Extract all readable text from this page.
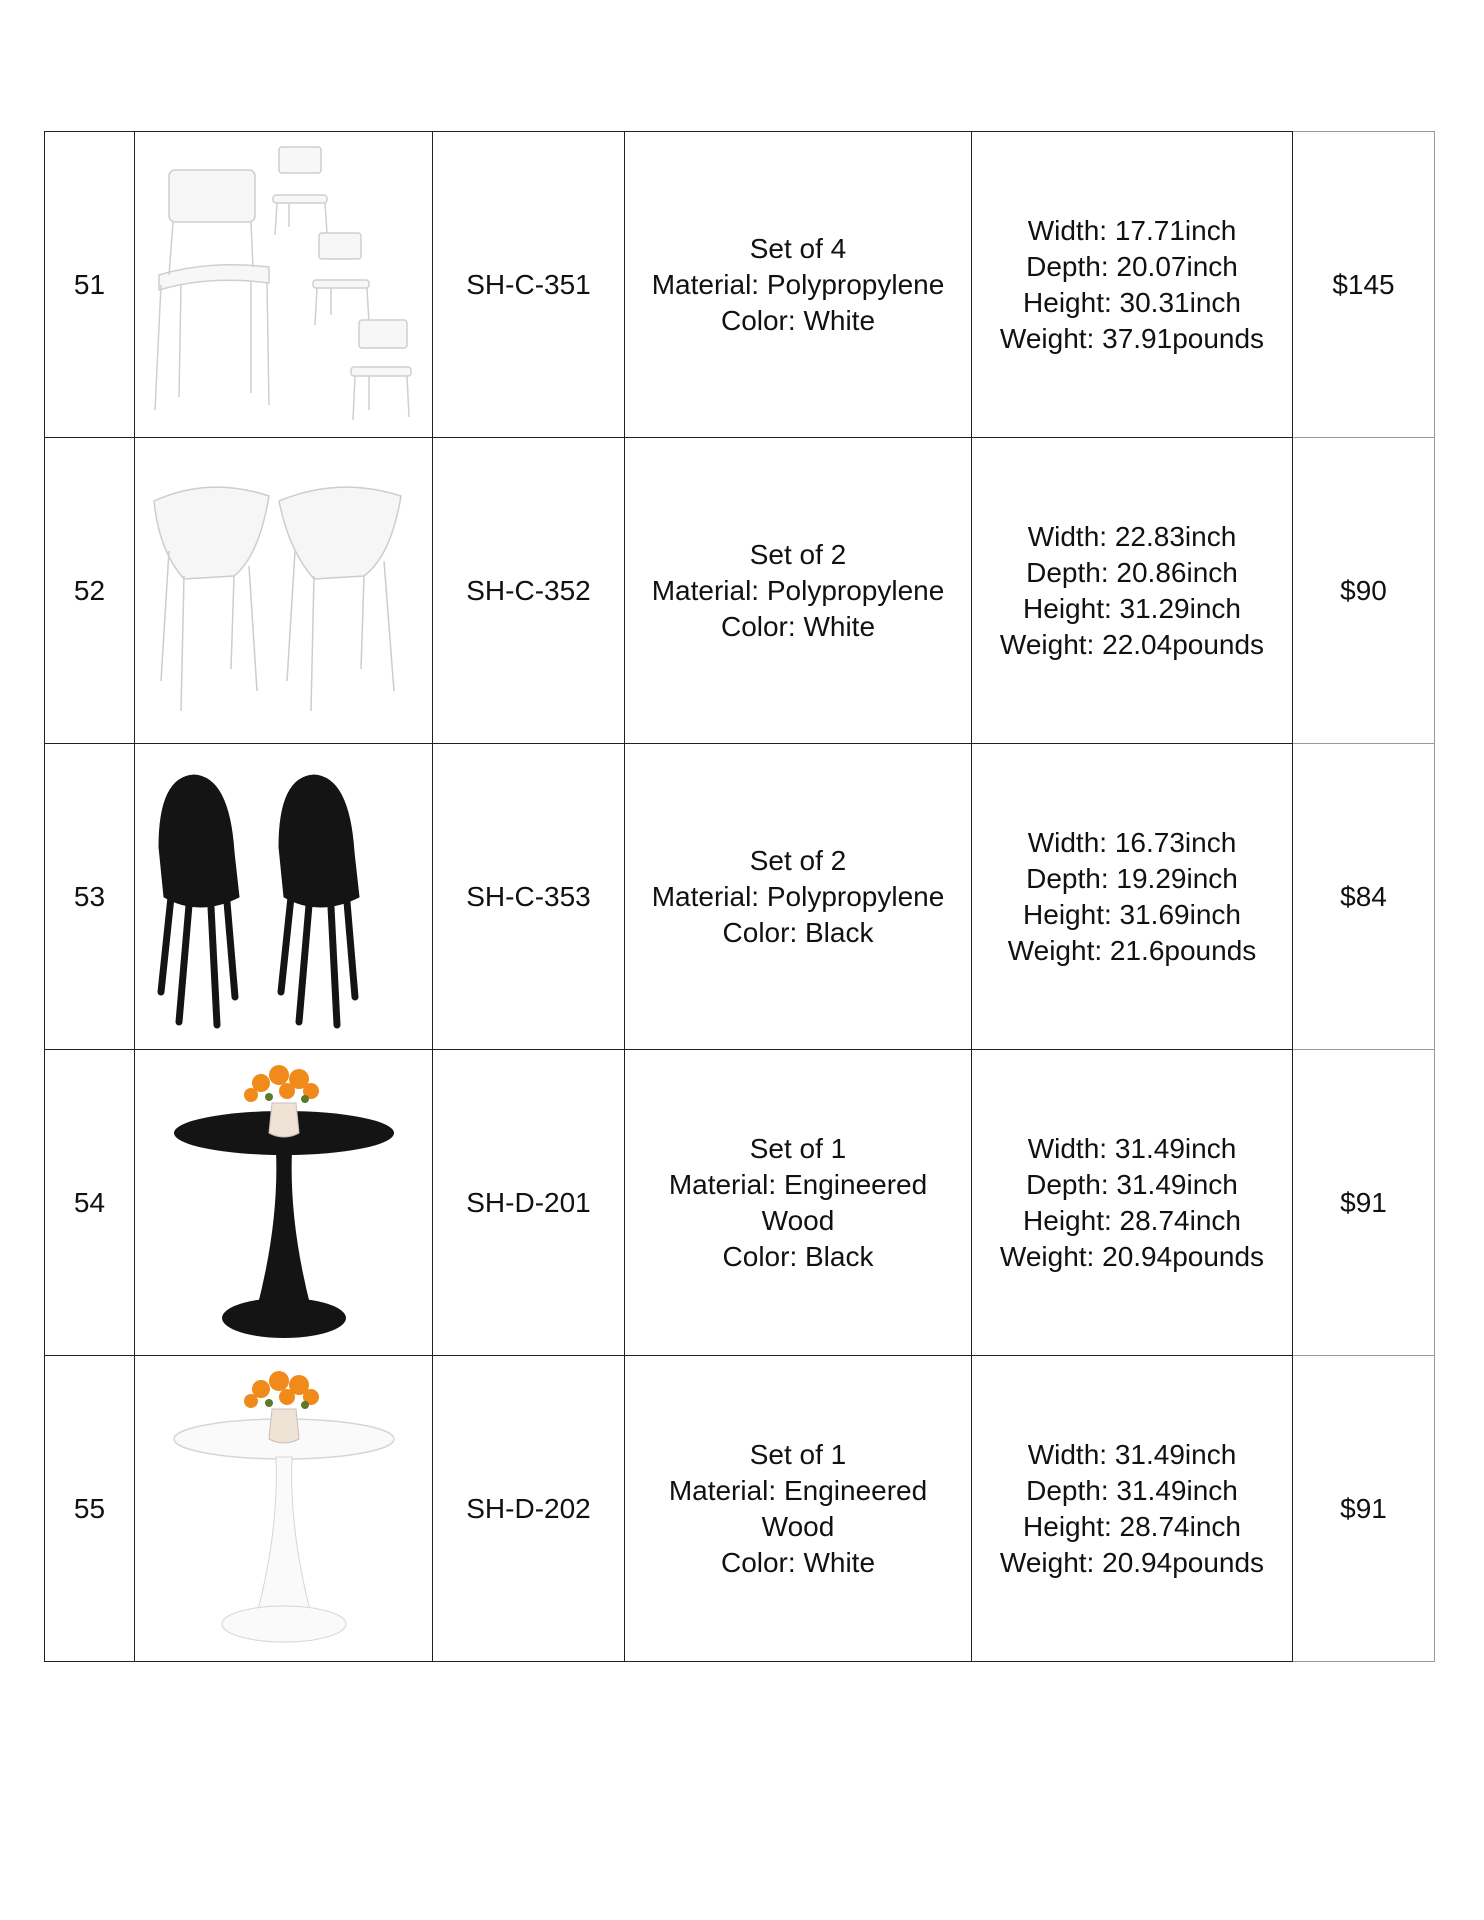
51		SH-C-351	Set of 4
Material: Polypropylene
Color: White	Width: 17.71inch
Depth: 20.07inch
Height: 30.31inch
Weight: 37.91pounds	$145
52		SH-C-352	Set of 2
Material: Polypropylene
Color: White	Width: 22.83inch
Depth: 20.86inch
Height: 31.29inch
Weight: 22.04pounds	$90
53		SH-C-353	Set of 2
Material: Polypropylene
Color: Black	Width: 16.73inch
Depth: 19.29inch
Height: 31.69inch
Weight: 21.6pounds	$84
54		SH-D-201	Set of 1
Material: Engineered
Wood
Color: Black	Width: 31.49inch
Depth: 31.49inch
Height: 28.74inch
Weight: 20.94pounds	$91
55		SH-D-202	Set of 1
Material: Engineered
Wood
Color: White	Width: 31.49inch
Depth: 31.49inch
Height: 28.74inch
Weight: 20.94pounds	$91
